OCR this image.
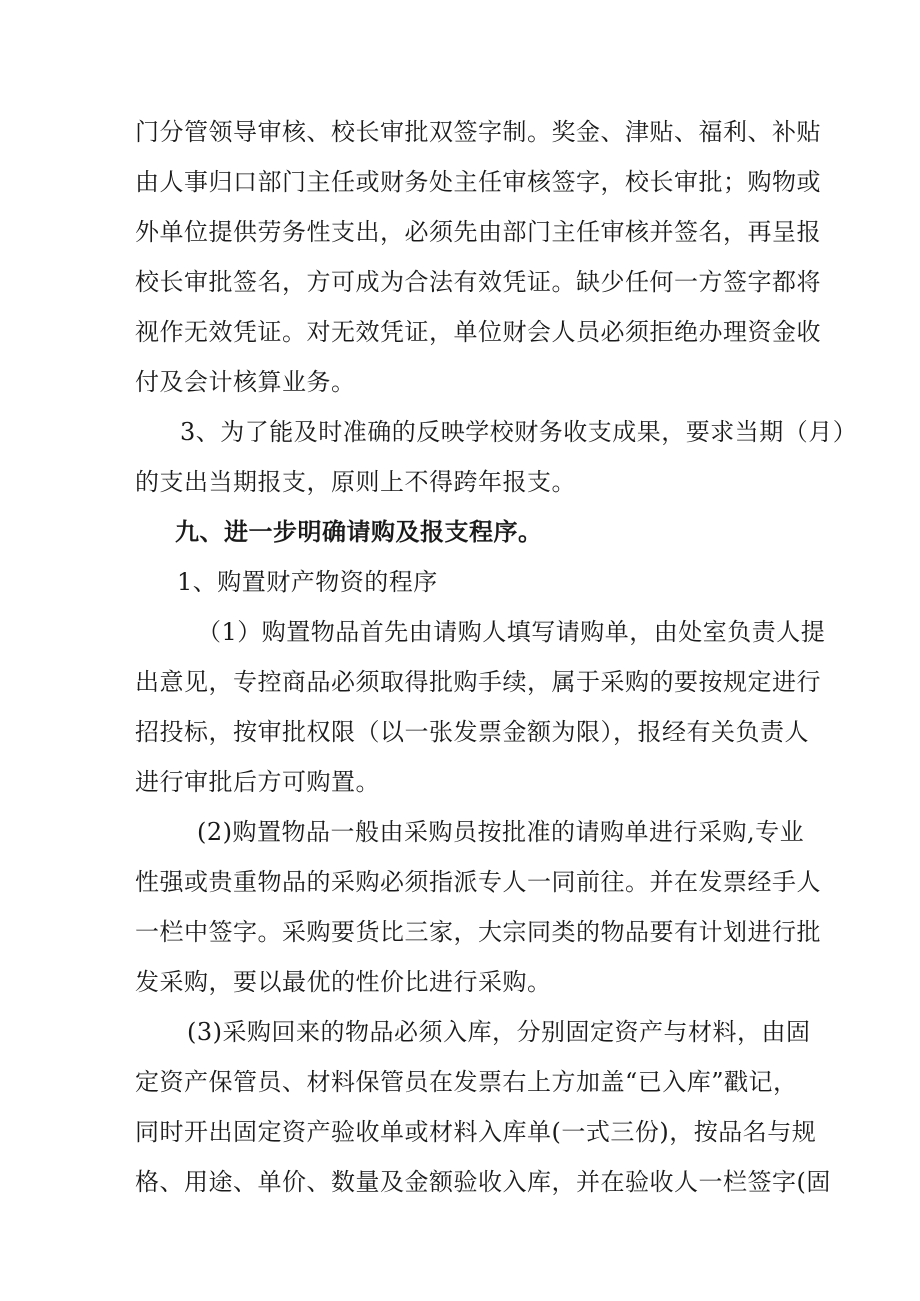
门分管领导审核、校长审批双签字制。奖金、津贴、福利、补贴
由人事归口部门主任或财务处主任审核签字，校长审批；购物或
外单位提供劳务性支出，必须先由部门主任审核并签名，再呈报
校长审批签名，方可成为合法有效凭证。缺少任何一方签字都将
视作无效凭证。对无效凭证，单位财会人员必须拒绝办理资金收
付及会计核算业务。
3、为了能及时准确的反映学校财务收支成果，要求当期（月）
的支出当期报支，原则上不得跨年报支。
九、进一步明确请购及报支程序。
1、购置财产物资的程序
（1）购置物品首先由请购人填写请购单，由处室负责人提
出意见，专控商品必须取得批购手续，属于采购的要按规定进行
招投标，按审批权限（以一张发票金额为限），报经有关负责人
进行审批后方可购置。
(2)购置物品一般由采购员按批准的请购单进行采购,专业
性强或贵重物品的采购必须指派专人一同前往。并在发票经手人
一栏中签字。采购要货比三家，大宗同类的物品要有计划进行批
发采购，要以最优的性价比进行采购。
(3)采购回来的物品必须入库，分别固定资产与材料，由固
定资产保管员、材料保管员在发票右上方加盖“已入库”戳记，
同时开出固定资产验收单或材料入库单(一式三份)，按品名与规
格、用途、单价、数量及金额验收入库，并在验收人一栏签字(固
